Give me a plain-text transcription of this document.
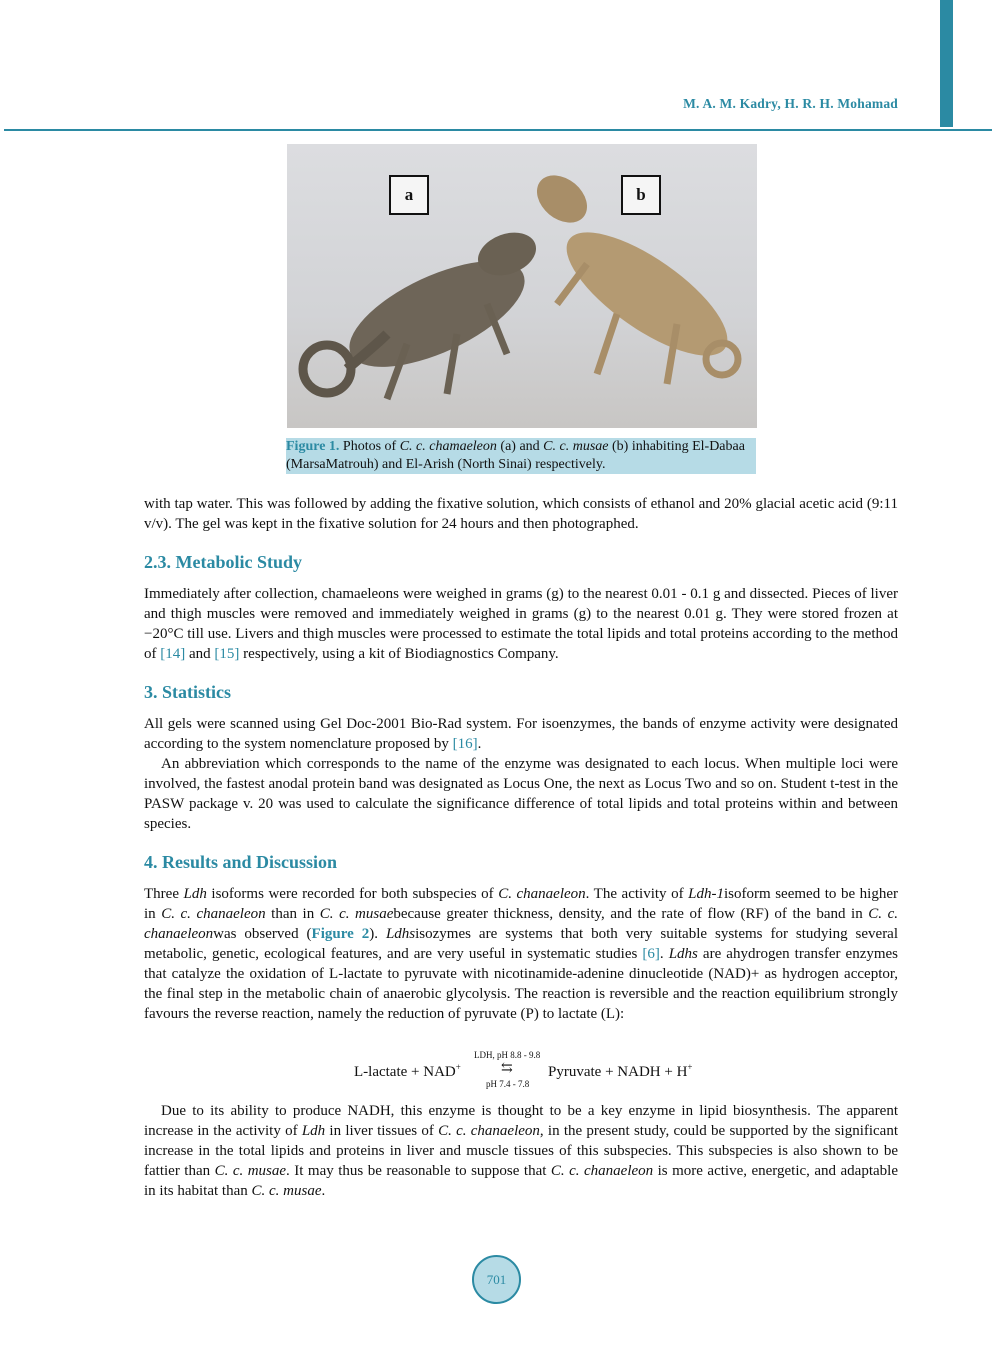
M. A. M. Kadry, H. R. H. Mohamad
a	b
Figure 1. Photos of C. c. chamaeleon (a) and C. c. musae (b) inhabiting El-Dabaa (MarsaMatrouh) and El-Arish (North Sinai) respectively.

with tap water. This was followed by adding the fixative solution, which consists of ethanol and 20% glacial acetic acid (9:11 v/v). The gel was kept in the fixative solution for 24 hours and then photographed.

2.3. Metabolic Study

Immediately after collection, chamaeleons were weighed in grams (g) to the nearest 0.01 - 0.1 g and dissected. Pieces of liver and thigh muscles were removed and immediately weighed in grams (g) to the nearest 0.01 g. They were stored frozen at −20°C till use. Livers and thigh muscles were processed to estimate the total lipids and total proteins according to the method of [14] and [15] respectively, using a kit of Biodiagnostics Company.

3. Statistics

All gels were scanned using Gel Doc-2001 Bio-Rad system. For isoenzymes, the bands of enzyme activity were designated according to the system nomenclature proposed by [16].

An abbreviation which corresponds to the name of the enzyme was designated to each locus. When multiple loci were involved, the fastest anodal protein band was designated as Locus One, the next as Locus Two and so on. Student t-test in the PASW package v. 20 was used to calculate the significance difference of total lipids and total proteins within and between species.

4. Results and Discussion

Three Ldh isoforms were recorded for both subspecies of C. chanaeleon. The activity of Ldh-1isoform seemed to be higher in C. c. chanaeleon than in C. c. musaebecause greater thickness, density, and the rate of flow (RF) of the band in C. c. chanaeleonwas observed (Figure 2). Ldhsisozymes are systems that both very suitable systems for studying several metabolic, genetic, ecological features, and are very useful in systematic studies [6]. Ldhs are ahydrogen transfer enzymes that catalyze the oxidation of L-lactate to pyruvate with nicotinamide-adenine dinucleotide (NAD)+ as hydrogen acceptor, the final step in the metabolic chain of anaerobic glycolysis. The reaction is reversible and the reaction equilibrium strongly favours the reverse reaction, namely the reduction of pyruvate (P) to lactate (L):

Due to its ability to produce NADH, this enzyme is thought to be a key enzyme in lipid biosynthesis. The apparent increase in the activity of Ldh in liver tissues of C. c. chanaeleon, in the present study, could be supported by the significant increase in the total lipids and proteins in liver and muscle tissues of this subspecies. This subspecies is also shown to be fattier than C. c. musae. It may thus be reasonable to suppose that C. c. chanaeleon is more active, energetic, and adaptable in its habitat than C. c. musae.

L-lactate + NAD+
LDH, pH 8.8 - 9.8
⇆
pH 7.4 - 7.8
Pyruvate + NADH + H+
701
